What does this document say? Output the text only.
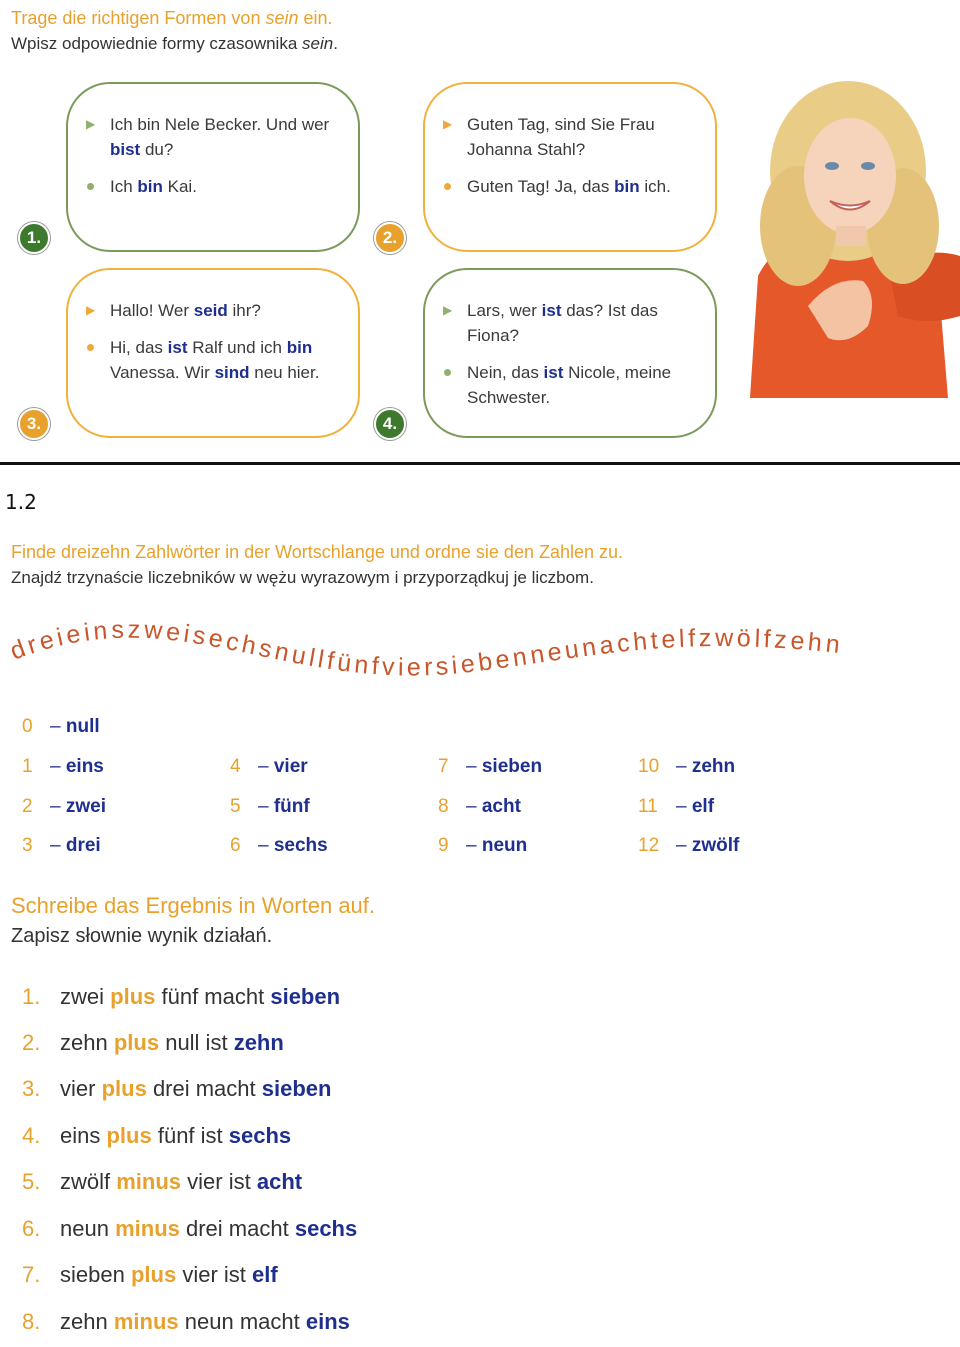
Trage die richtigen Formen von sein ein.
Wpisz odpowiednie formy czasownika sein.
▶ Ich bin Nele Becker. Und wer bist du?
Ich bin Kai.
1.
▶ Guten Tag, sind Sie Frau Johanna Stahl?
Guten Tag! Ja, das bin ich.
2.
▶ Hallo! Wer seid ihr?
Hi, das ist Ralf und ich bin Vanessa. Wir sind neu hier.
3.
▶ Lars, wer ist das? Ist das Fiona?
Nein, das ist Nicole, meine Schwester.
4.
1.2
Finde dreizehn Zahlwörter in der Wortschlange und ordne sie den Zahlen zu.
Znajdź trzynaście liczebników w wężu wyrazowym i przyporządkuj je liczbom.
dreieinszweisechsnullfünfviersiebenneunachtelfzwölfzehn
0 – null
1 – eins
2 – zwei
3 – drei
4 – vier
5 – fünf
6 – sechs
7 – sieben
8 – acht
9 – neun
10 – zehn
11 – elf
12 – zwölf
Schreibe das Ergebnis in Worten auf.
Zapisz słownie wynik działań.
1. zwei plus fünf macht sieben
2. zehn plus null ist zehn
3. vier plus drei macht sieben
4. eins plus fünf ist sechs
5. zwölf minus vier ist acht
6. neun minus drei macht sechs
7. sieben plus vier ist elf
8. zehn minus neun macht eins
